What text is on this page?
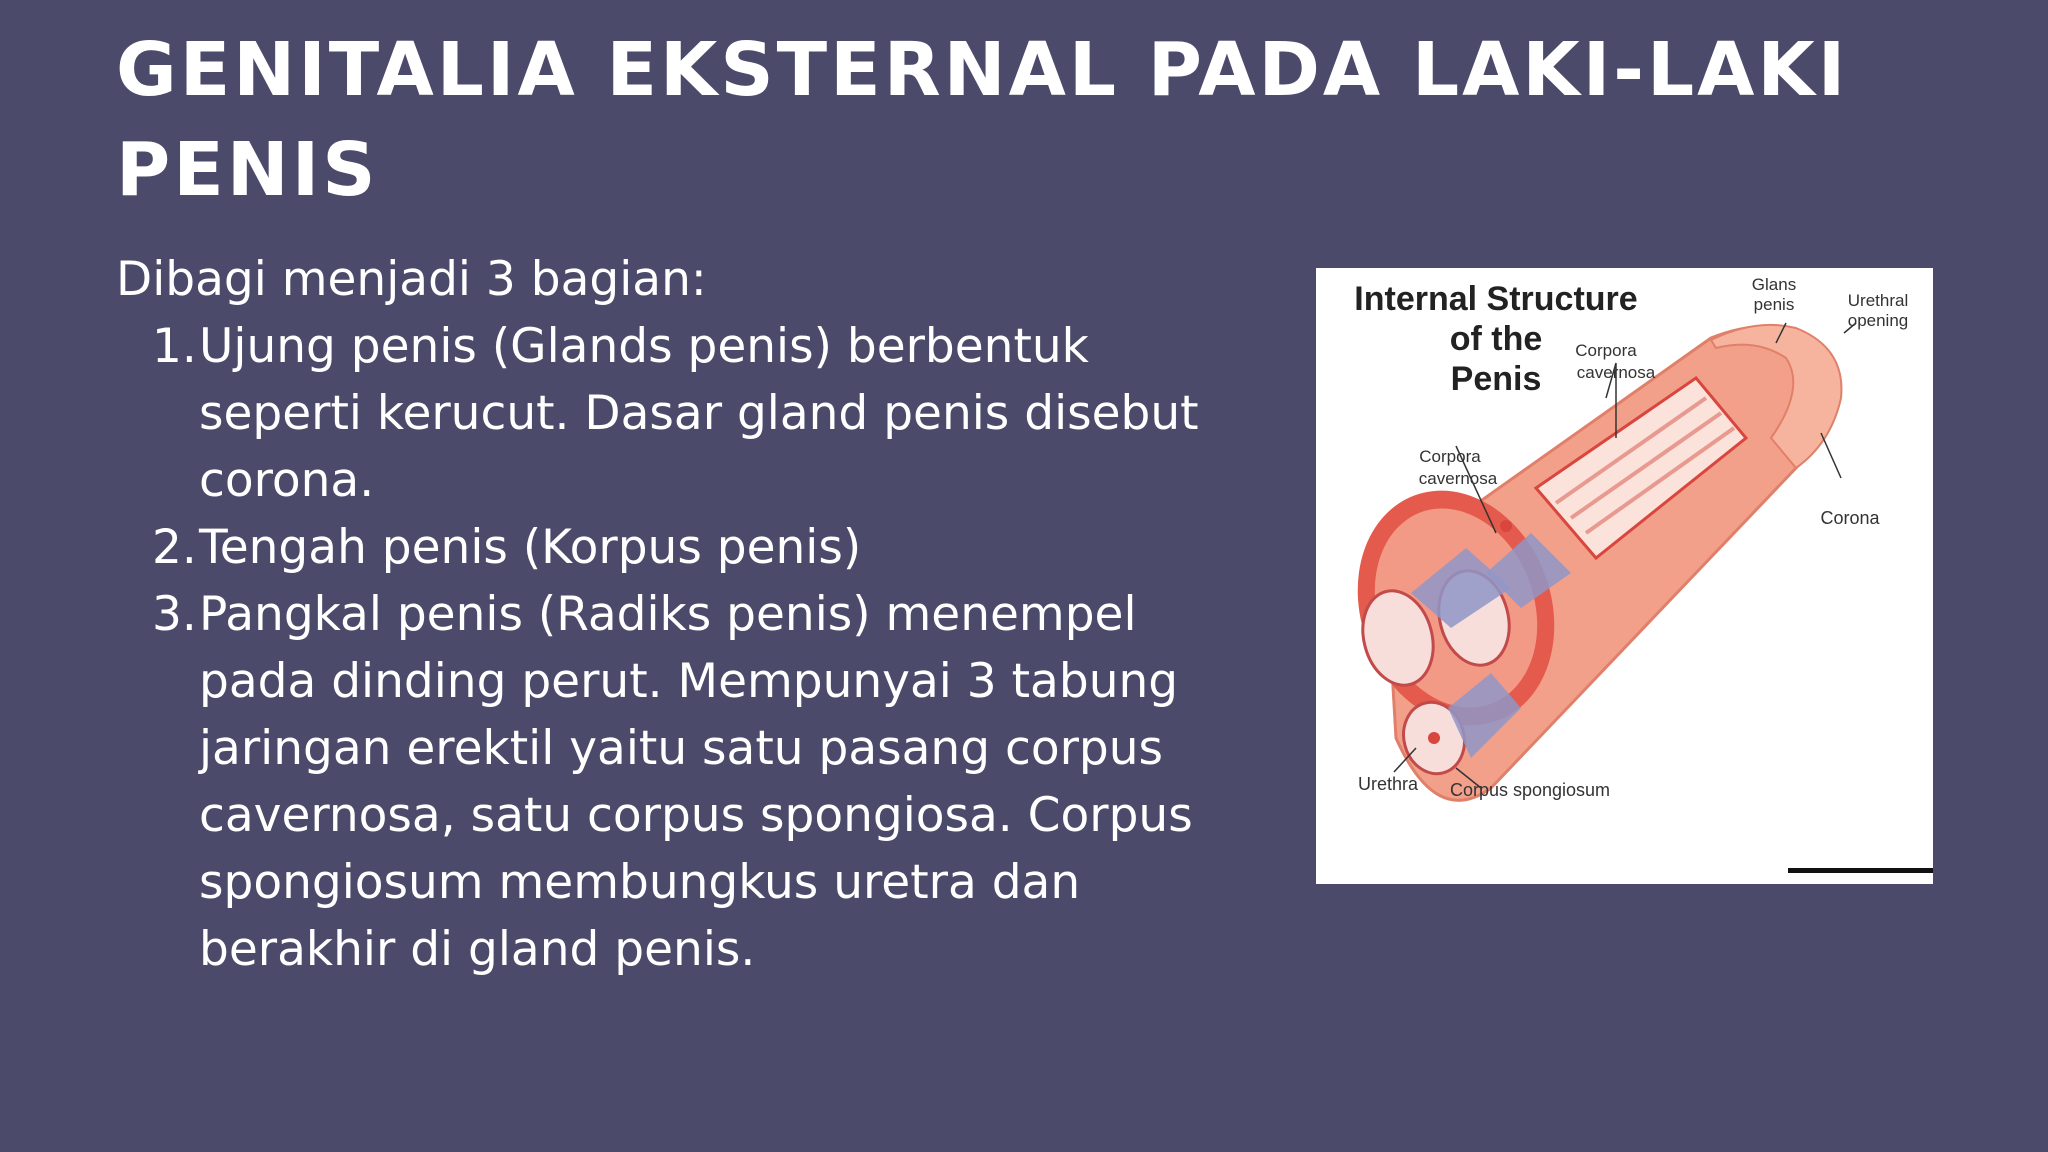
GENITALIA EKSTERNAL PADA LAKI-LAKI
PENIS
Dibagi menjadi 3 bagian:
1. Ujung penis (Glands penis) berbentuk
seperti kerucut. Dasar gland penis disebut
corona.
2. Tengah penis (Korpus penis)
3. Pangkal penis (Radiks penis) menempel
pada dinding perut. Mempunyai 3 tabung
jaringan erektil yaitu satu pasang corpus
cavernosa, satu corpus spongiosa. Corpus
spongiosum membungkus uretra dan
berakhir di gland penis.
Internal Structure
of the
Penis
Glans
penis	Urethral
opening
Corpora
cavernosa
Corpora
cavernosa
Corona
Urethra Corpus spongiosum
